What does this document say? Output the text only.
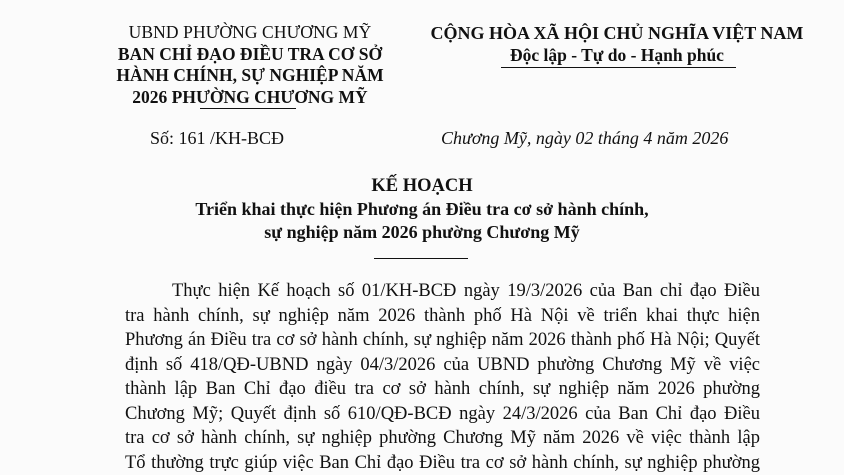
UBND PHƯỜNG CHƯƠNG MỸ
BAN CHỈ ĐẠO ĐIỀU TRA CƠ SỞ
HÀNH CHÍNH, SỰ NGHIỆP NĂM
2026 PHƯỜNG CHƯƠNG MỸ
CỘNG HÒA XÃ HỘI CHỦ NGHĨA VIỆT NAM
Độc lập - Tự do - Hạnh phúc
Số: 161 /KH-BCĐ	Chương Mỹ, ngày 02 tháng 4 năm 2026
KẾ HOẠCH
Triển khai thực hiện Phương án Điều tra cơ sở hành chính,
sự nghiệp năm 2026 phường Chương Mỹ
Thực hiện Kế hoạch số 01/KH-BCĐ ngày 19/3/2026 của Ban chỉ đạo Điều
tra hành chính, sự nghiệp năm 2026 thành phố Hà Nội về triển khai thực hiện
Phương án Điều tra cơ sở hành chính, sự nghiệp năm 2026 thành phố Hà Nội; Quyết
định số 418/QĐ-UBND ngày 04/3/2026 của UBND phường Chương Mỹ về việc
thành lập Ban Chỉ đạo điều tra cơ sở hành chính, sự nghiệp năm 2026 phường
Chương Mỹ; Quyết định số 610/QĐ-BCĐ ngày 24/3/2026 của Ban Chỉ đạo Điều
tra cơ sở hành chính, sự nghiệp phường Chương Mỹ năm 2026 về việc thành lập
Tổ thường trực giúp việc Ban Chỉ đạo Điều tra cơ sở hành chính, sự nghiệp phường
